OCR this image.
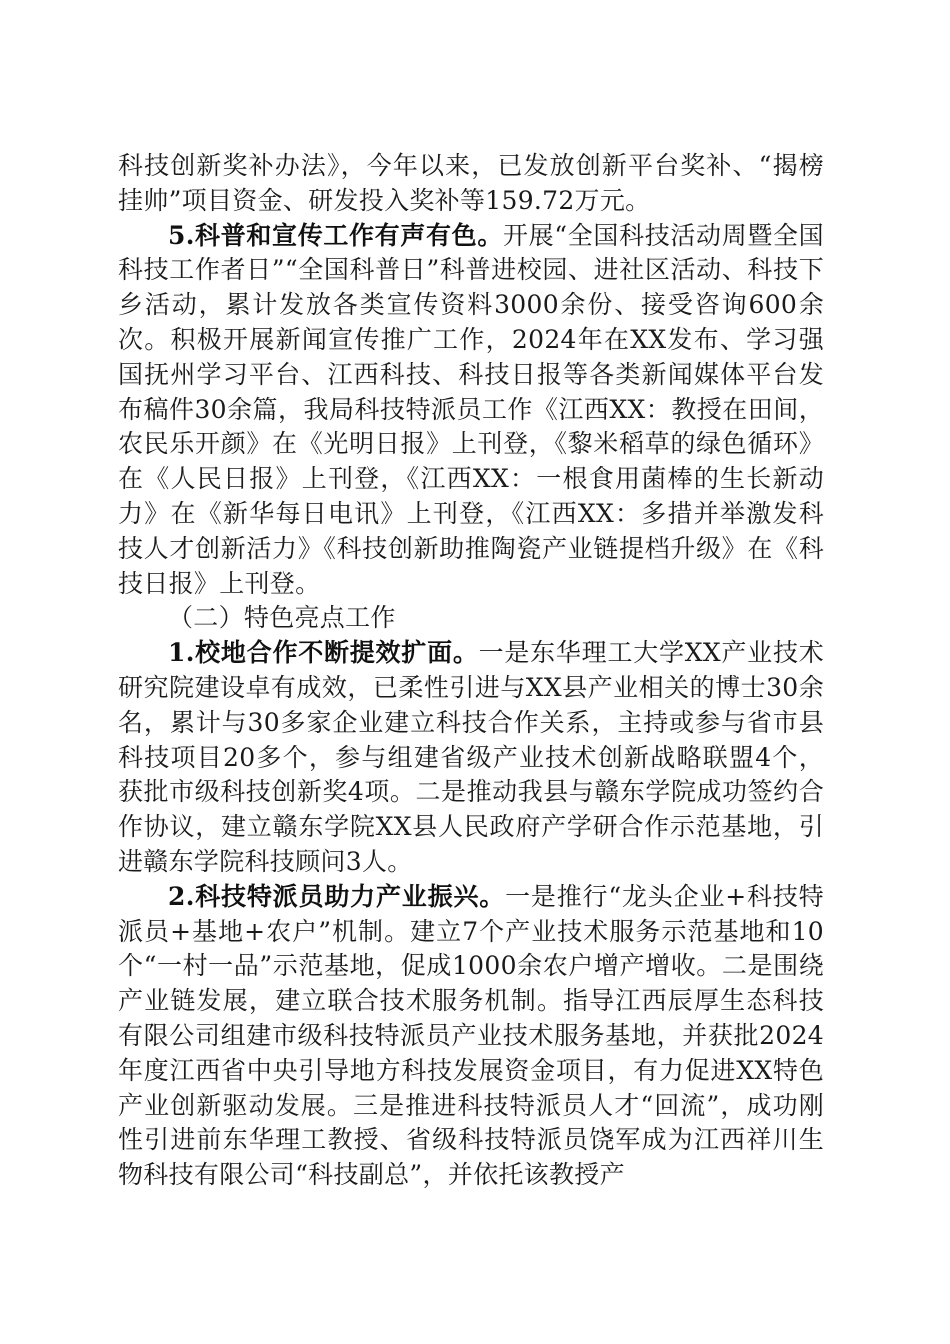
科技创新奖补办法》，今年以来，已发放创新平台奖补、“揭榜挂帅”项目资金、研发投入奖补等159.72万元。

5.科普和宣传工作有声有色。开展“全国科技活动周暨全国科技工作者日”“全国科普日”科普进校园、进社区活动、科技下乡活动，累计发放各类宣传资料3000余份、接受咨询600余次。积极开展新闻宣传推广工作，2024年在XX发布、学习强国抚州学习平台、江西科技、科技日报等各类新闻媒体平台发布稿件30余篇，我局科技特派员工作《江西XX：教授在田间，农民乐开颜》在《光明日报》上刊登，《黎米稻草的绿色循环》在《人民日报》上刊登，《江西XX：一根食用菌棒的生长新动力》在《新华每日电讯》上刊登，《江西XX：多措并举激发科技人才创新活力》《科技创新助推陶瓷产业链提档升级》在《科技日报》上刊登。

（二）特色亮点工作

1.校地合作不断提效扩面。一是东华理工大学XX产业技术研究院建设卓有成效，已柔性引进与XX县产业相关的博士30余名，累计与30多家企业建立科技合作关系，主持或参与省市县科技项目20多个，参与组建省级产业技术创新战略联盟4个，获批市级科技创新奖4项。二是推动我县与赣东学院成功签约合作协议，建立赣东学院XX县人民政府产学研合作示范基地，引进赣东学院科技顾问3人。

2.科技特派员助力产业振兴。一是推行“龙头企业+科技特派员+基地+农户”机制。建立7个产业技术服务示范基地和10个“一村一品”示范基地，促成1000余农户增产增收。二是围绕产业链发展，建立联合技术服务机制。指导江西辰厚生态科技有限公司组建市级科技特派员产业技术服务基地，并获批2024年度江西省中央引导地方科技发展资金项目，有力促进XX特色产业创新驱动发展。三是推进科技特派员人才“回流”，成功刚性引进前东华理工教授、省级科技特派员饶军成为江西祥川生物科技有限公司“科技副总”，并依托该教授产
